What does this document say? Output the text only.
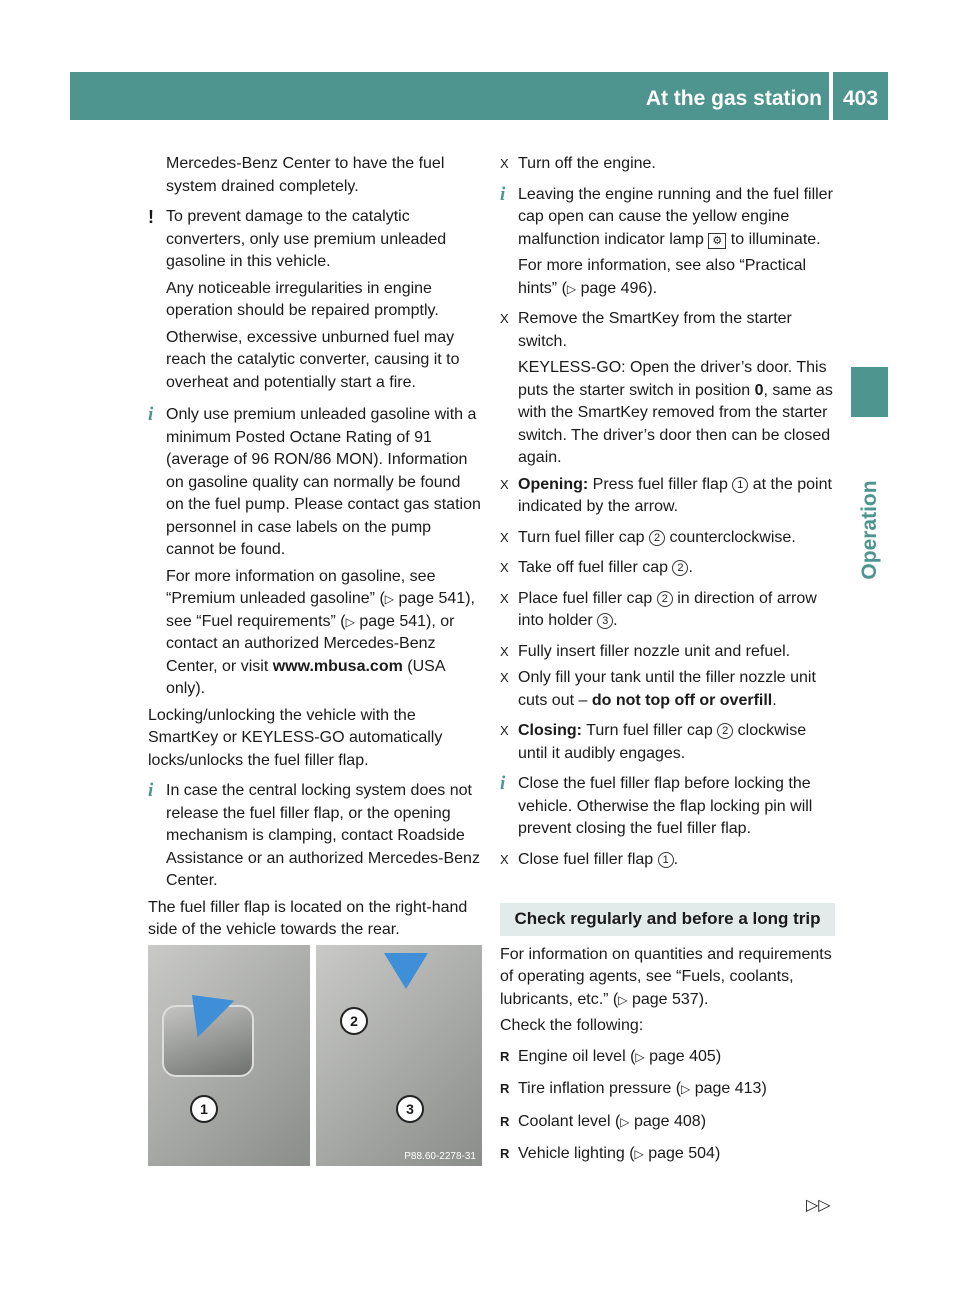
At the gas station 403
Operation

Mercedes-Benz Center to have the fuel system drained completely.

! To prevent damage to the catalytic converters, only use premium unleaded gasoline in this vehicle.

Any noticeable irregularities in engine operation should be repaired promptly.

Otherwise, excessive unburned fuel may reach the catalytic converter, causing it to overheat and potentially start a fire.

i Only use premium unleaded gasoline with a minimum Posted Octane Rating of 91 (average of 96 RON/86 MON). Information on gasoline quality can normally be found on the fuel pump. Please contact gas station personnel in case labels on the pump cannot be found.

For more information on gasoline, see “Premium unleaded gasoline” (▷ page 541), see “Fuel requirements” (▷ page 541), or contact an authorized Mercedes-Benz Center, or visit www.mbusa.com (USA only).

Locking/unlocking the vehicle with the SmartKey or KEYLESS-GO automatically locks/unlocks the fuel filler flap.

i In case the central locking system does not release the fuel filler flap, or the opening mechanism is clamping, contact Roadside Assistance or an authorized Mercedes-Benz Center.

The fuel filler flap is located on the right-hand side of the vehicle towards the rear.

1
2
3
P88.60-2278-31
X Turn off the engine.

i Leaving the engine running and the fuel filler cap open can cause the yellow engine malfunction indicator lamp ⚙ to illuminate.

For more information, see also “Practical hints” (▷ page 496).

X Remove the SmartKey from the starter switch.

KEYLESS-GO: Open the driver’s door. This puts the starter switch in position 0, same as with the SmartKey removed from the starter switch. The driver’s door then can be closed again.

X Opening: Press fuel filler flap 1 at the point indicated by the arrow.

X Turn fuel filler cap 2 counterclockwise.

X Take off fuel filler cap 2 .

X Place fuel filler cap 2 in direction of arrow into holder 3 .

X Fully insert filler nozzle unit and refuel.

X Only fill your tank until the filler nozzle unit cuts out – do not top off or overfill.

X Closing: Turn fuel filler cap 2 clockwise until it audibly engages.

i Close the fuel filler flap before locking the vehicle. Otherwise the flap locking pin will prevent closing the fuel filler flap.

X Close fuel filler flap 1 .

Check regularly and before a long trip

For information on quantities and requirements of operating agents, see “Fuels, coolants, lubricants, etc.” (▷ page 537).

Check the following:

R Engine oil level (▷ page 405)
R Tire inflation pressure (▷ page 413)
R Coolant level (▷ page 408)
R Vehicle lighting (▷ page 504)
▷▷
